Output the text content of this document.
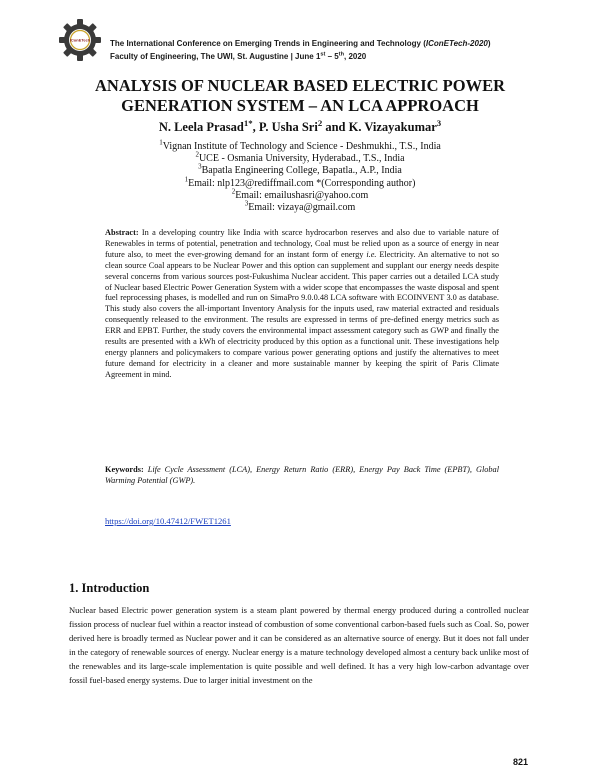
IConETech The International Conference on Emerging Trends in Engineering and Technology (IConETech-2020)
Faculty of Engineering, The UWI, St. Augustine | June 1st – 5th, 2020
ANALYSIS OF NUCLEAR BASED ELECTRIC POWER
GENERATION SYSTEM – AN LCA APPROACH
N. Leela Prasad$^{1*}$, P. Usha Sri$^2$ and K. Vizayakumar$^3$
$^1$Vignan Institute of Technology and Science - Deshmukhi., T.S., India
$^2$UCE - Osmania University, Hyderabad., T.S., India
$^3$Bapatla Engineering College, Bapatla., A.P., India
$^1$Email: nlp123@rediffmail.com *(Corresponding author)
$^2$Email: emailushasri@yahoo.com
$^3$Email: vizaya@gmail.com
Abstract: In a developing country like India with scarce hydrocarbon reserves and also due to variable nature of Renewables in terms of potential, penetration and technology, Coal must be relied upon as a source of energy in near future also, to meet the ever-growing demand for an instant form of energy i.e. Electricity. An alternative to not so clean source Coal appears to be Nuclear Power and this option can supplement and supplant our energy needs despite several concerns from various sources post-Fukushima Nuclear accident. This paper carries out a detailed LCA study of Nuclear based Electric Power Generation System with a wider scope that encompasses the waste disposal and spent fuel reprocessing phases, is modelled and run on SimaPro 9.0.0.48 LCA software with ECOINVENT 3.0 as database. This study also covers the all-important Inventory Analysis for the inputs used, raw material extracted and residuals consequently released to the environment. The results are expressed in terms of pre-defined energy metrics such as ERR and EPBT. Further, the study covers the environmental impact assessment category such as GWP and finally the results are presented with a kWh of electricity produced by this option as a functional unit. These investigations help energy planners and policymakers to compare various power generating options and justify the alternatives to meet future demand for electricity in a cleaner and more sustainable manner by keeping the spirit of Paris Climate Agreement in mind.
Keywords: Life Cycle Assessment (LCA), Energy Return Ratio (ERR), Energy Pay Back Time (EPBT), Global Warming Potential (GWP).
https://doi.org/10.47412/FWET1261
1. Introduction
Nuclear based Electric power generation system is a steam plant powered by thermal energy produced during a controlled nuclear fission process of nuclear fuel within a reactor instead of combustion of some conventional carbon-based fuels such as Coal. So, power derived here is broadly termed as Nuclear power and it can be considered as an alternative source of energy. But it does not fall under in the category of renewable sources of energy. Nuclear energy is a mature technology developed almost a century back unlike most of the renewables and its large-scale implementation is quite possible and well defined. It has a very high low-carbon advantage over fossil fuel-based energy systems. Due to larger initial investment on the
821
